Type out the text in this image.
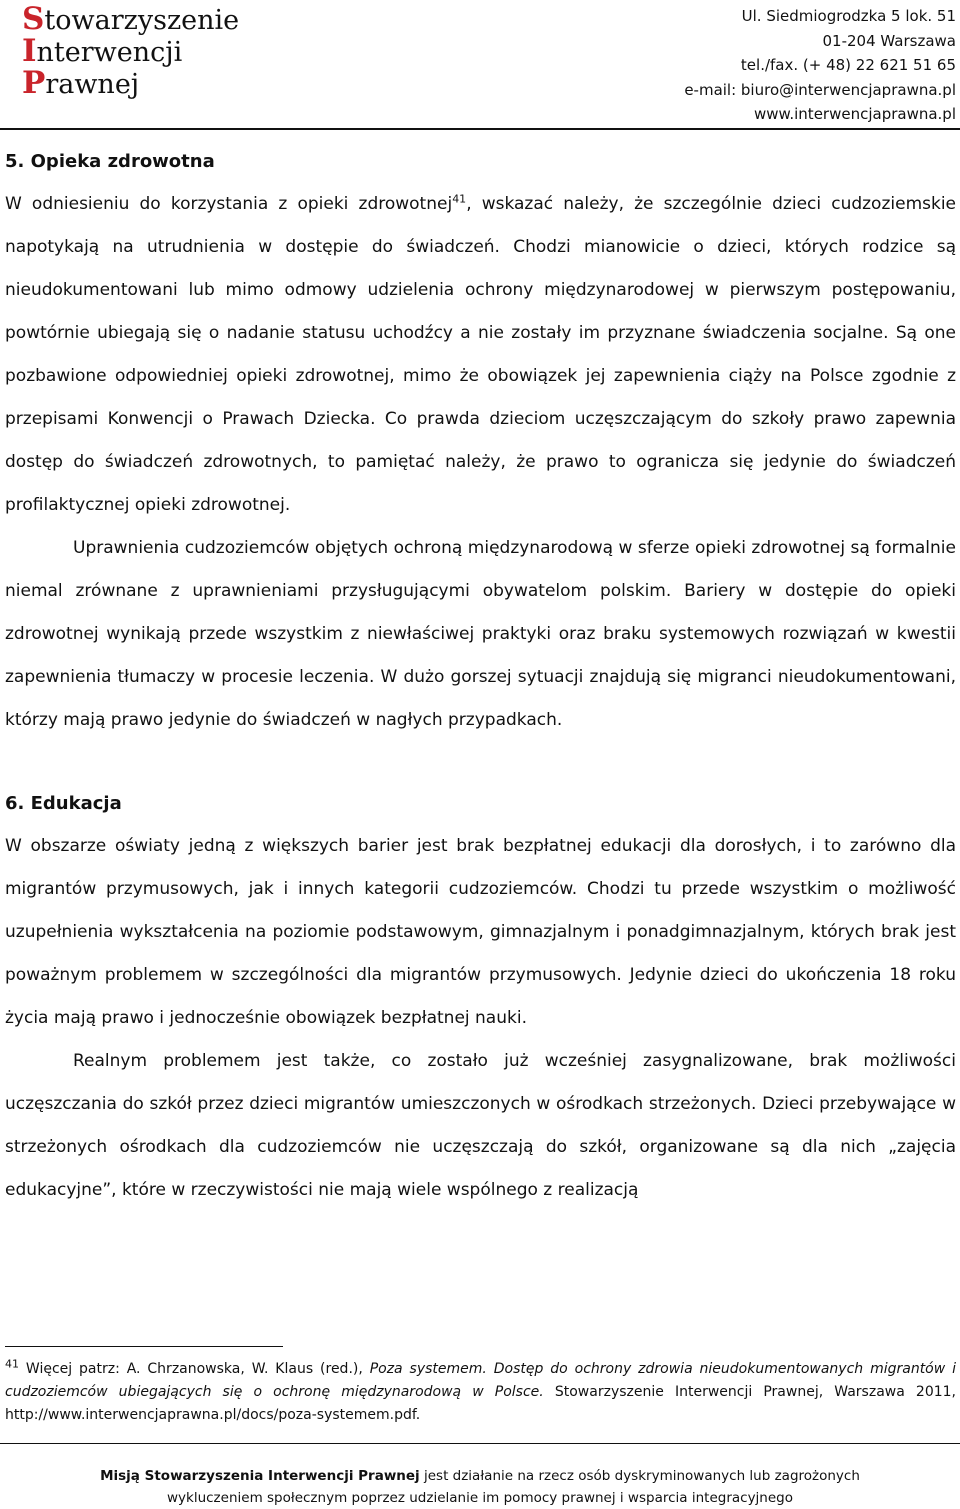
Stowarzyszenie
Interwencji
Prawnej
Ul. Siedmiogrodzka 5 lok. 51
01-204 Warszawa
tel./fax. (+ 48) 22 621 51 65
e-mail: biuro@interwencjaprawna.pl
www.interwencjaprawna.pl
5. Opieka zdrowotna

W odniesieniu do korzystania z opieki zdrowotnej$^{41}$, wskazać należy, że szczególnie dzieci cudzoziemskie napotykają na utrudnienia w dostępie do świadczeń. Chodzi mianowicie o dzieci, których rodzice są nieudokumentowani lub mimo odmowy udzielenia ochrony międzynarodowej w pierwszym postępowaniu, powtórnie ubiegają się o nadanie statusu uchodźcy a nie zostały im przyznane świadczenia socjalne. Są one pozbawione odpowiedniej opieki zdrowotnej, mimo że obowiązek jej zapewnienia ciąży na Polsce zgodnie z przepisami Konwencji o Prawach Dziecka. Co prawda dzieciom uczęszczającym do szkoły prawo zapewnia dostęp do świadczeń zdrowotnych, to pamiętać należy, że prawo to ogranicza się jedynie do świadczeń profilaktycznej opieki zdrowotnej.

Uprawnienia cudzoziemców objętych ochroną międzynarodową w sferze opieki zdrowotnej są formalnie niemal zrównane z uprawnieniami przysługującymi obywatelom polskim. Bariery w dostępie do opieki zdrowotnej wynikają przede wszystkim z niewłaściwej praktyki oraz braku systemowych rozwiązań w kwestii zapewnienia tłumaczy w procesie leczenia. W dużo gorszej sytuacji znajdują się migranci nieudokumentowani, którzy mają prawo jedynie do świadczeń w nagłych przypadkach.

6. Edukacja

W obszarze oświaty jedną z większych barier jest brak bezpłatnej edukacji dla dorosłych, i to zarówno dla migrantów przymusowych, jak i innych kategorii cudzoziemców. Chodzi tu przede wszystkim o możliwość uzupełnienia wykształcenia na poziomie podstawowym, gimnazjalnym i ponadgimnazjalnym, których brak jest poważnym problemem w szczególności dla migrantów przymusowych. Jedynie dzieci do ukończenia 18 roku życia mają prawo i jednocześnie obowiązek bezpłatnej nauki.

Realnym problemem jest także, co zostało już wcześniej zasygnalizowane, brak możliwości uczęszczania do szkół przez dzieci migrantów umieszczonych w ośrodkach strzeżonych. Dzieci przebywające w strzeżonych ośrodkach dla cudzoziemców nie uczęszczają do szkół, organizowane są dla nich „zajęcia edukacyjne”, które w rzeczywistości nie mają wiele wspólnego z realizacją

$^{41}$ Więcej patrz: A. Chrzanowska, W. Klaus (red.), Poza systemem. Dostęp do ochrony zdrowia nieudokumentowanych migrantów i cudzoziemców ubiegających się o ochronę międzynarodową w Polsce. Stowarzyszenie Interwencji Prawnej, Warszawa 2011, http://www.interwencjaprawna.pl/docs/poza-systemem.pdf.
Misją Stowarzyszenia Interwencji Prawnej jest działanie na rzecz osób dyskryminowanych lub zagrożonych
wykluczeniem społecznym poprzez udzielanie im pomocy prawnej i wsparcia integracyjnego
